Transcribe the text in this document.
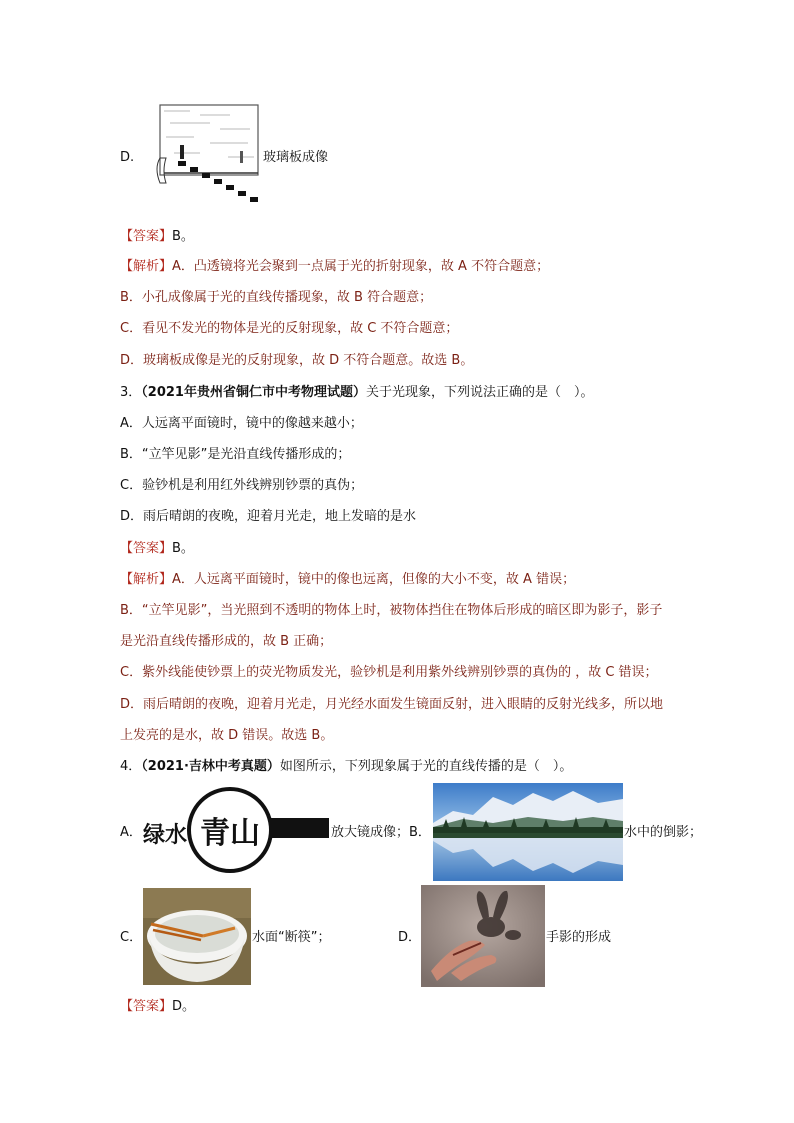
D.	玻璃板成像
【答案】B。
【解析】A．凸透镜将光会聚到一点属于光的折射现象，故 A 不符合题意；
B．小孔成像属于光的直线传播现象，故 B 符合题意；
C．看见不发光的物体是光的反射现象，故 C 不符合题意；
D．玻璃板成像是光的反射现象，故 D 不符合题意。故选 B。
3．（2021年贵州省铜仁市中考物理试题）关于光现象，下列说法正确的是（　）。
A．人远离平面镜时，镜中的像越来越小；
B．“立竿见影”是光沿直线传播形成的；
C．验钞机是利用红外线辨别钞票的真伪；
D．雨后晴朗的夜晚，迎着月光走，地上发暗的是水
【答案】B。
【解析】A．人远离平面镜时，镜中的像也远离，但像的大小不变，故 A 错误；
B．“立竿见影”，当光照到不透明的物体上时，被物体挡住在物体后形成的暗区即为影子，影子
是光沿直线传播形成的，故 B 正确；
C．紫外线能使钞票上的荧光物质发光，验钞机是利用紫外线辨别钞票的真伪的 ，故 C 错误；
D．雨后晴朗的夜晚，迎着月光走，月光经水面发生镜面反射，进入眼睛的反射光线多，所以地
上发亮的是水，故 D 错误。故选 B。
4．（2021·吉林中考真题）如图所示，下列现象属于光的直线传播的是（　）。
A． 绿水 青山	放大镜成像；B．	水中的倒影；
C．	水面“断筷”；	D．	手影的形成
【答案】D。
